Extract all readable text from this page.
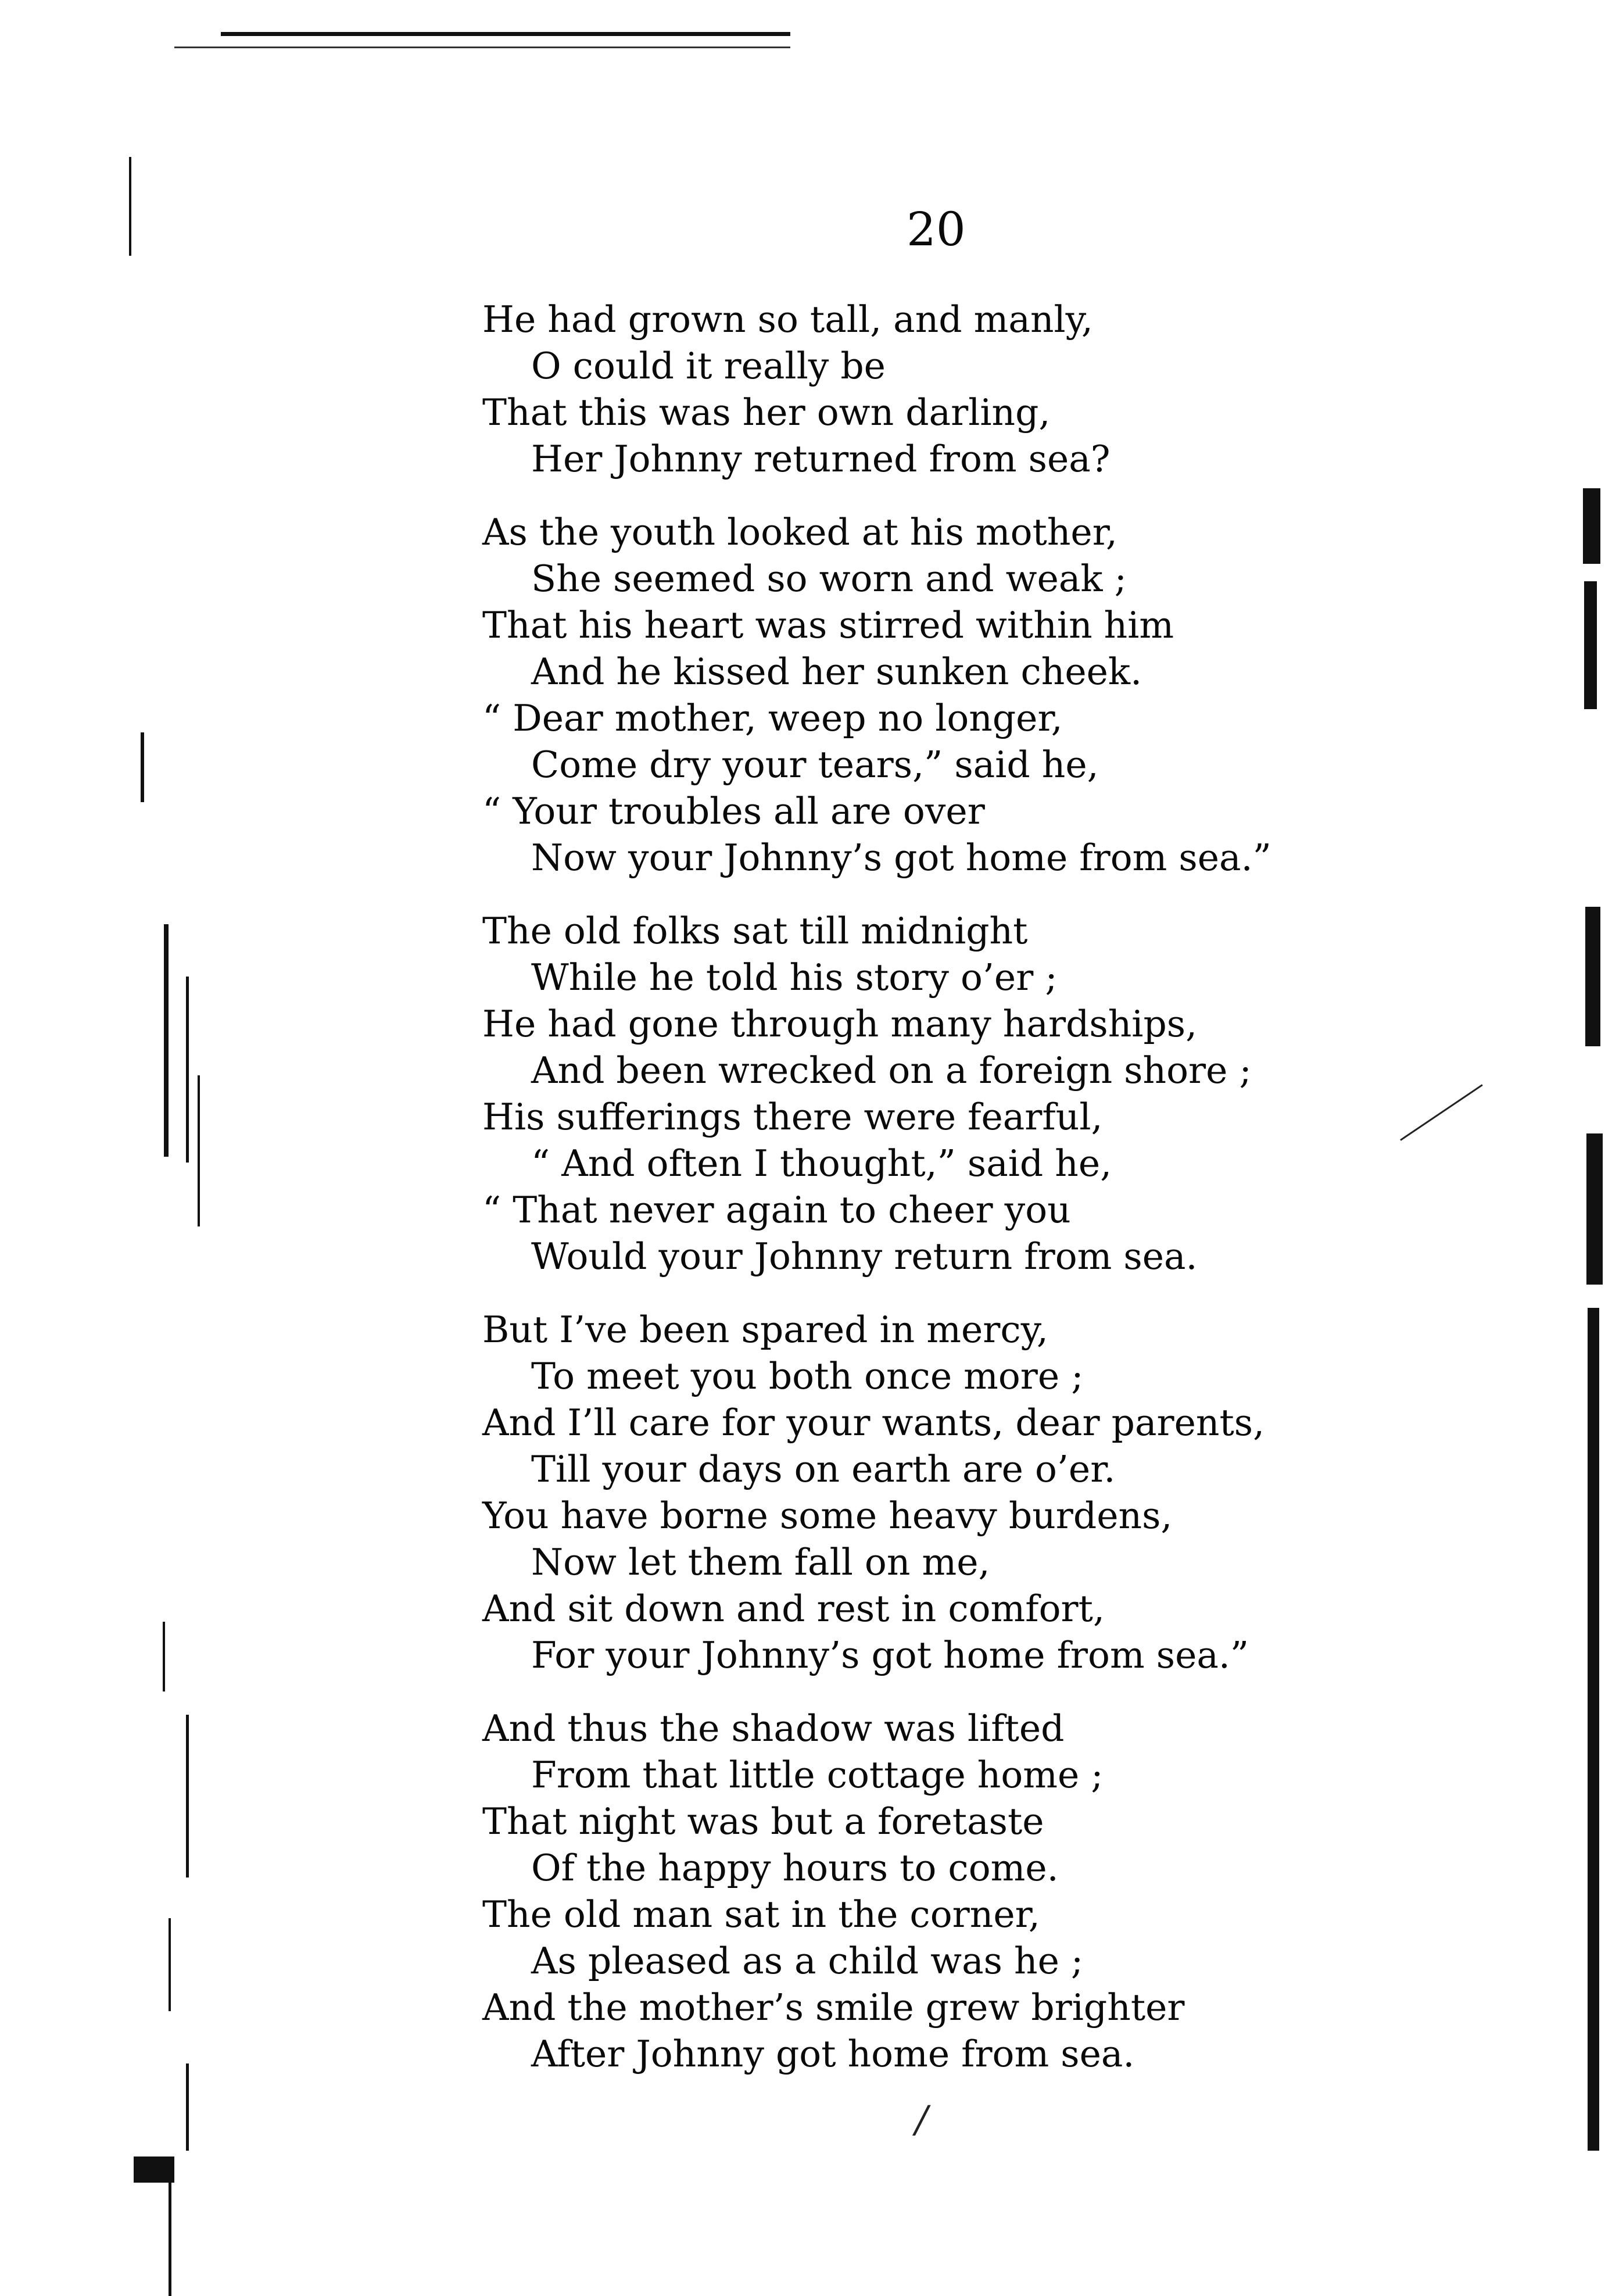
20
He had grown so tall, and manly,
O could it really be
That this was her own darling,
Her Johnny returned from sea?
As the youth looked at his mother,
She seemed so worn and weak ;
That his heart was stirred within him
And he kissed her sunken cheek.
“ Dear mother, weep no longer,
Come dry your tears,” said he,
“ Your troubles all are over
Now your Johnny’s got home from sea.”
The old folks sat till midnight
While he told his story o’er ;
He had gone through many hardships,
And been wrecked on a foreign shore ;
His sufferings there were fearful,
“ And often I thought,” said he,
“ That never again to cheer you
Would your Johnny return from sea.
But I’ve been spared in mercy,
To meet you both once more ;
And I’ll care for your wants, dear parents,
Till your days on earth are o’er.
You have borne some heavy burdens,
Now let them fall on me,
And sit down and rest in comfort,
For your Johnny’s got home from sea.”
And thus the shadow was lifted
From that little cottage home ;
That night was but a foretaste
Of the happy hours to come.
The old man sat in the corner,
As pleased as a child was he ;
And the mother’s smile grew brighter
After Johnny got home from sea.
/
